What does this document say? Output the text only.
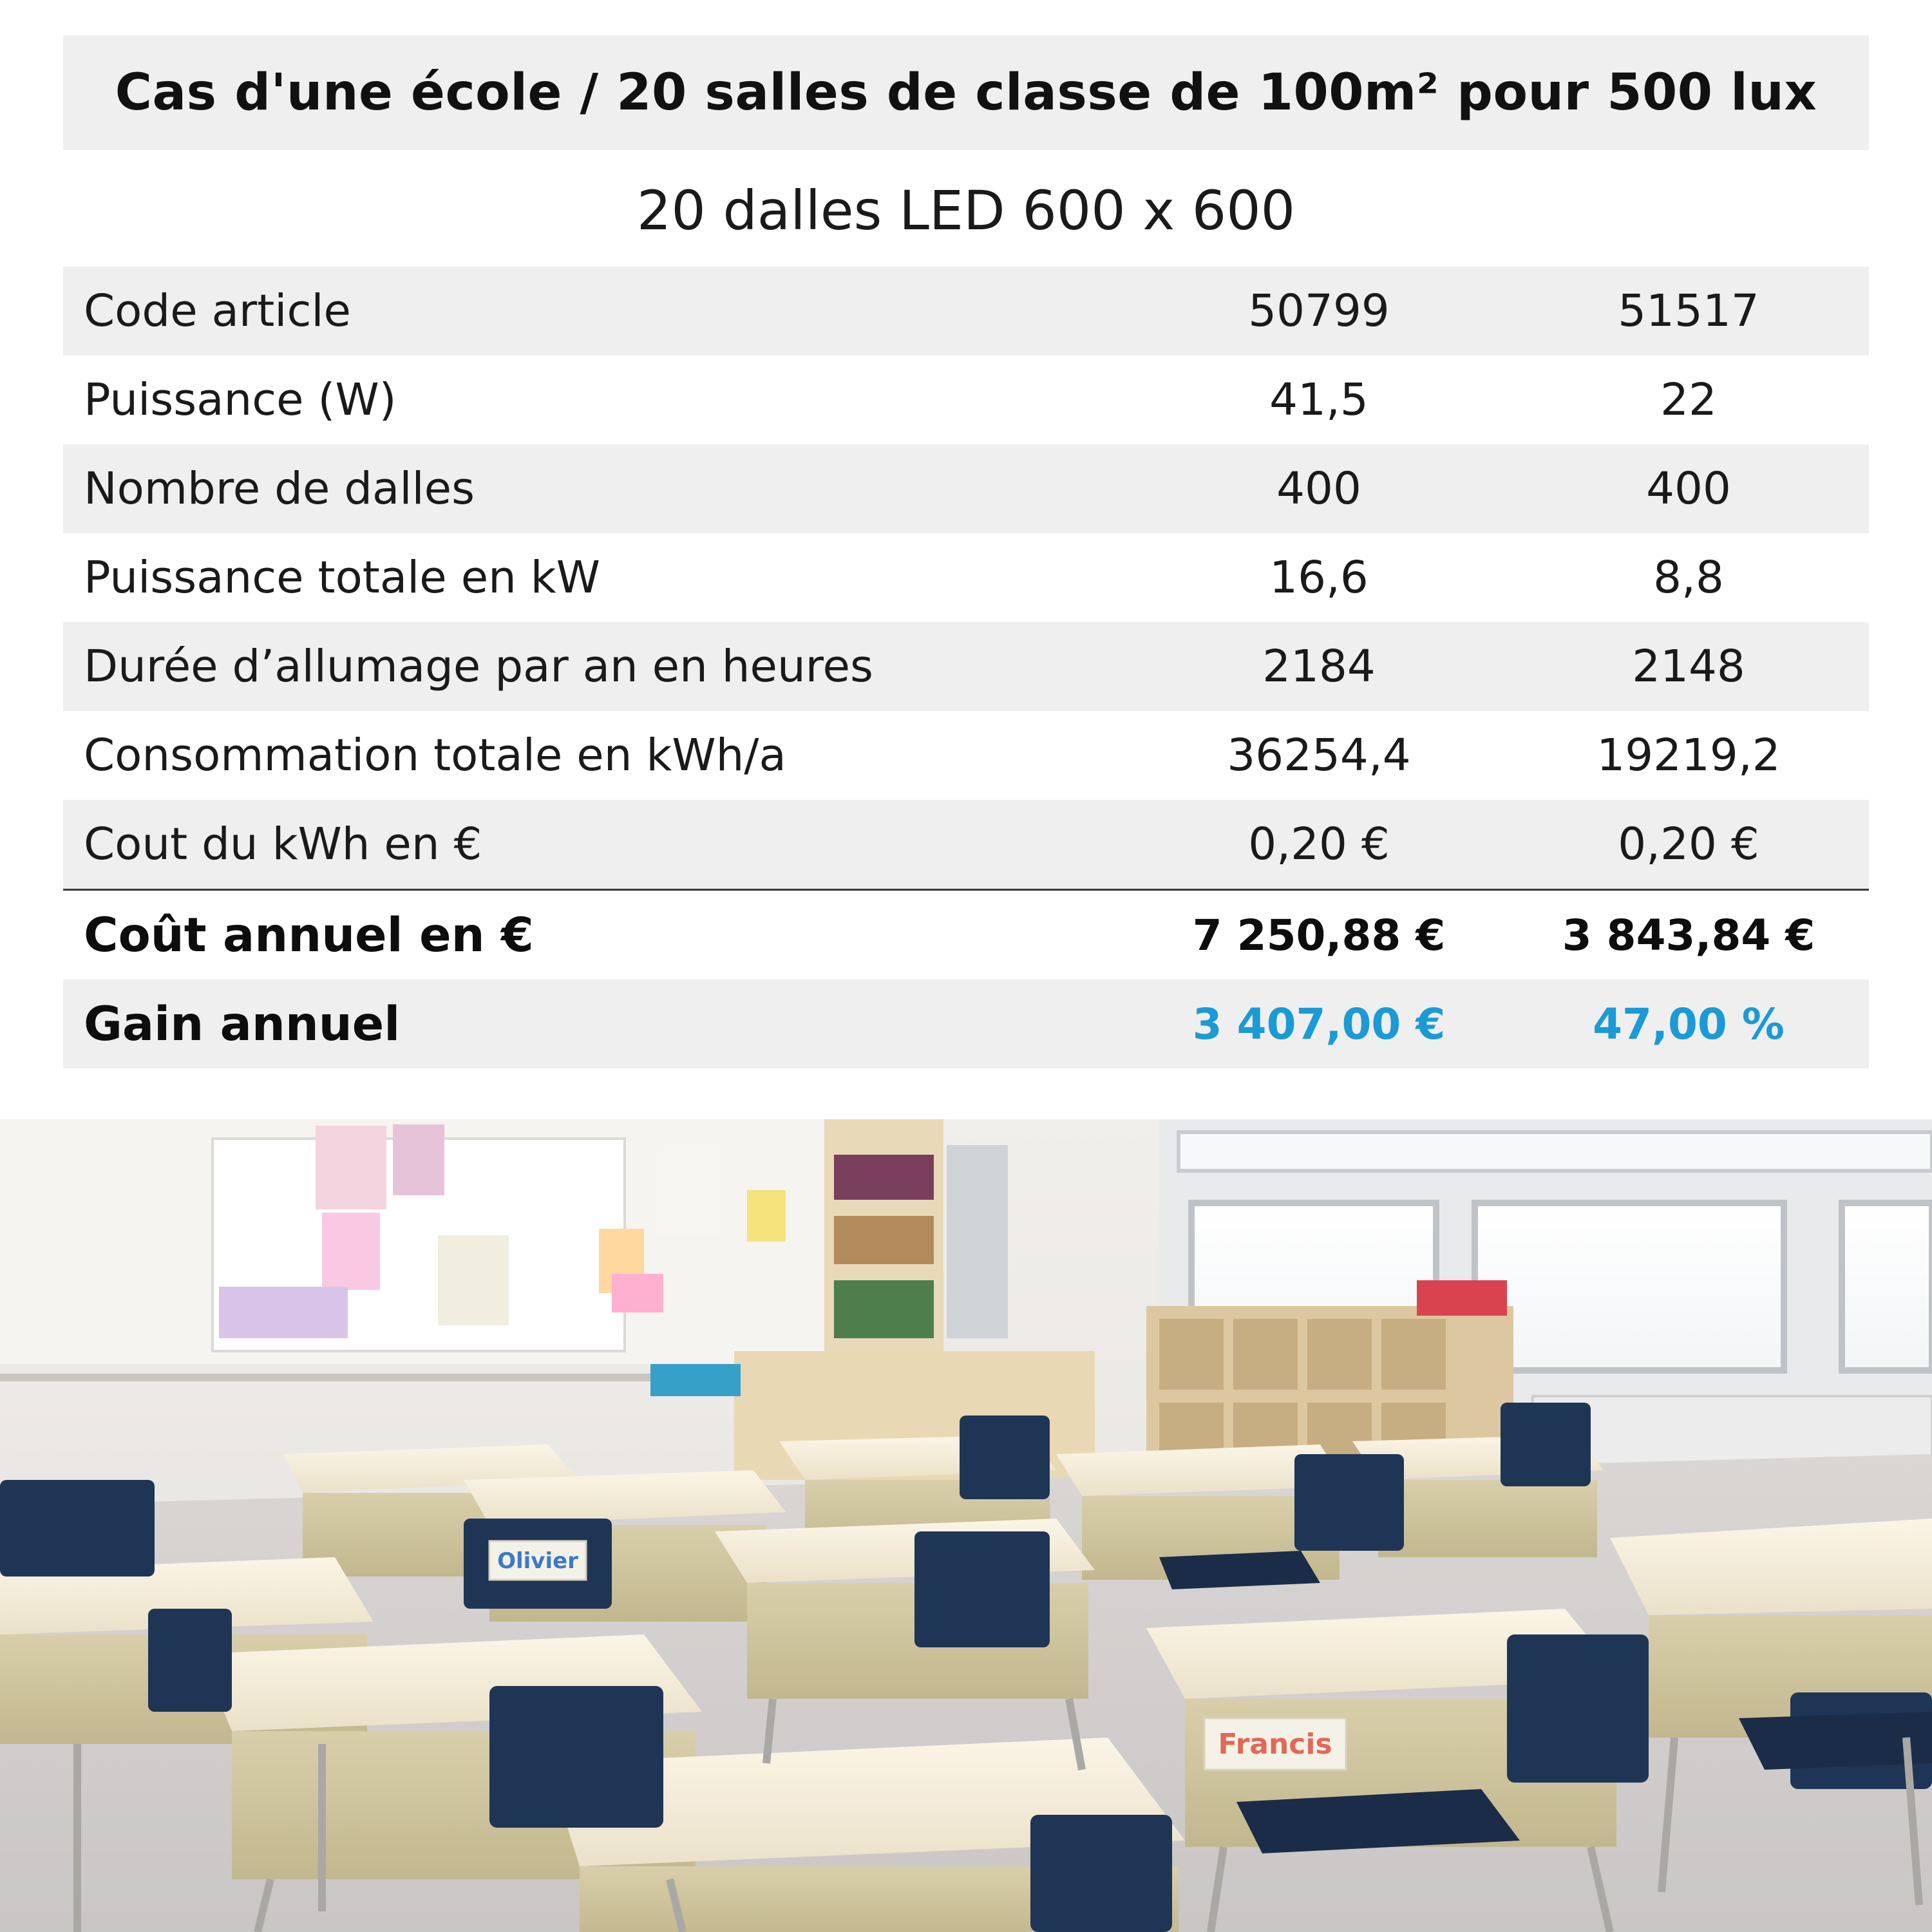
Cas d'une école / 20 salles de classe de 100m² pour 500 lux
20 dalles LED 600 x 600
Code article	50799	51517
Puissance (W)	41,5	22
Nombre de dalles	400	400
Puissance totale en kW	16,6	8,8
Durée d’allumage par an en heures	2184	2148
Consommation totale en kWh/a	36254,4	19219,2
Cout du kWh en €	0,20 €	0,20 €
Coût annuel en €	7 250,88 €	3 843,84 €
Gain annuel	3 407,00 €	47,00 %
Olivier
Francis
